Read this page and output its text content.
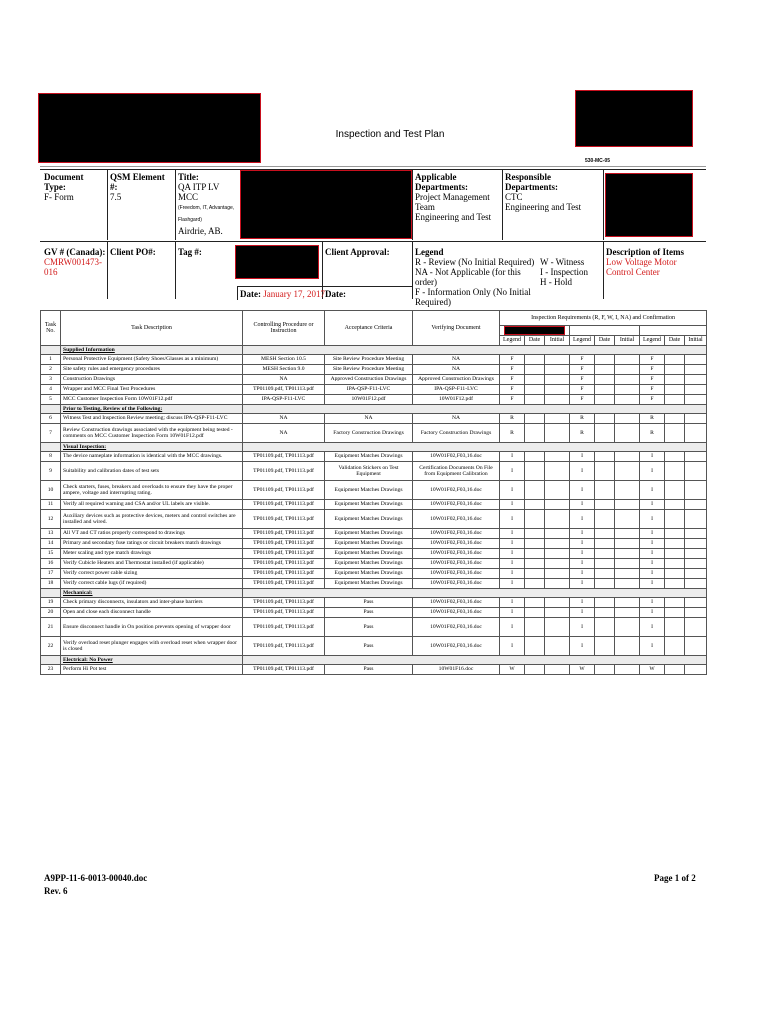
Inspection and Test Plan
530-MC-05
Document Type:
F- Form
QSM Element #:
7.5
Title:
QA ITP LV MCC
(Freedom, IT, Advantage, Flashgard)
Airdrie, AB.
Applicable Departments:
Project Management Team
Engineering and Test
Responsible Departments:
CTC
Engineering and Test
GV # (Canada):
CMRW001473-016
Client PO#: Tag #:
Date: January 17, 2017
Client Approval:
Date:
Legend
R - Review (No Initial Required)
NA - Not Applicable (for this order)
F - Information Only (No Initial Required)
W - Witness
I - Inspection
H - Hold
Description of Items
Low Voltage Motor Control Center
Task No.	Task Description	Controlling Procedure or Instruction	Acceptance Criteria	Verifying Document	Inspection Requirements (R, F, W, I, NA) and Confirmation								

					Legend	Date	Initial	Legend	Date	Initial	Legend	Date	Initial
	Supplied Information												
1	Personal Protective Equipment (Safety Shoes/Glasses as a minimum)	MESH Section 10.5	Site Review Procedure Meeting	NA	F			F			F		
2	Site safety rules and emergency procedures	MESH Section 9.0	Site Review Procedure Meeting	NA	F			F			F		
3	Construction Drawings	NA	Approved Construction Drawings	Approved Construction Drawings	F			F			F		
4	Wrapper and MCC Final Test Procedures	TP01109.pdf, TP01113.pdf	IPA-QSP-F11-LVC	IPA-QSP-F11-LVC	F			F			F		
5	MCC Customer Inspection Form 10W01F12.pdf	IPA-QSP-F11-LVC	10W01F12.pdf	10W01F12.pdf	F			F			F		
	Prior to Testing, Review of the Following:												
6	Witness Test and Inspection Review meeting; discuss IPA-QSP-F11-LVC	NA	NA	NA	R			R			R		
7	Review Construction drawings associated with the equipment being tested - comments on MCC Customer Inspection Form 10W01F12.pdf	NA	Factory Construction Drawings	Factory Construction Drawings	R			R			R		
	Visual Inspection:												
8	The device nameplate information is identical with the MCC drawings.	TP01109.pdf, TP01113.pdf	Equipment Matches Drawings	10W01F02,F03,16.doc	I			I			I		
9	Suitability and calibration dates of test sets	TP01109.pdf, TP01113.pdf	Validation Stickers on Test Equipment	Certification Documents On File from Equipment Calibration	I			I			I		
10	Check starters, fuses, breakers and overloads to ensure they have the proper ampere, voltage and interrupting rating.	TP01109.pdf, TP01113.pdf	Equipment Matches Drawings	10W01F02,F03,16.doc	I			I			I		
11	Verify all required warning and CSA and/or UL labels are visible.	TP01109.pdf, TP01113.pdf	Equipment Matches Drawings	10W01F02,F03,16.doc	I			I			I		
12	Auxiliary devices such as protective devices, meters and control switches are installed and wired.	TP01109.pdf, TP01113.pdf	Equipment Matches Drawings	10W01F02,F03,16.doc	I			I			I		
13	All VT and CT ratios properly correspond to drawings	TP01109.pdf, TP01113.pdf	Equipment Matches Drawings	10W01F02,F03,16.doc	I			I			I		
14	Primary and secondary fuse ratings or circuit breakers match drawings	TP01109.pdf, TP01113.pdf	Equipment Matches Drawings	10W01F02,F03,16.doc	I			I			I		
15	Meter scaling and type match drawings	TP01109.pdf, TP01113.pdf	Equipment Matches Drawings	10W01F02,F03,16.doc	I			I			I		
16	Verify Cubicle Heaters and Thermostat installed (if applicable)	TP01109.pdf, TP01113.pdf	Equipment Matches Drawings	10W01F02,F03,16.doc	I			I			I		
17	Verify correct power cable sizing	TP01109.pdf, TP01113.pdf	Equipment Matches Drawings	10W01F02,F03,16.doc	I			I			I		
18	Verify correct cable lugs (if required)	TP01109.pdf, TP01113.pdf	Equipment Matches Drawings	10W01F02,F03,16.doc	I			I			I		
	Mechanical:												
19	Check primary disconnects, insulators and inter-phase barriers	TP01109.pdf, TP01113.pdf	Pass	10W01F02,F03,16.doc	I			I			I		
20	Open and close each disconnect handle	TP01109.pdf, TP01113.pdf	Pass	10W01F02,F03,16.doc	I			I			I		
21	Ensure disconnect handle in On position prevents opening of wrapper door	TP01109.pdf, TP01113.pdf	Pass	10W01F02,F03,16.doc	I			I			I		
22	Verify overload reset plunger engages with overload reset when wrapper door is closed	TP01109.pdf, TP01113.pdf	Pass	10W01F02,F03,16.doc	I			I			I		
	Electrical: No Power												
23	Perform Hi Pot test	TP01109.pdf, TP01113.pdf	Pass	10W01F16.doc	W			W			W		
A9PP-11-6-0013-00040.doc
Rev. 6
Page 1 of 2
